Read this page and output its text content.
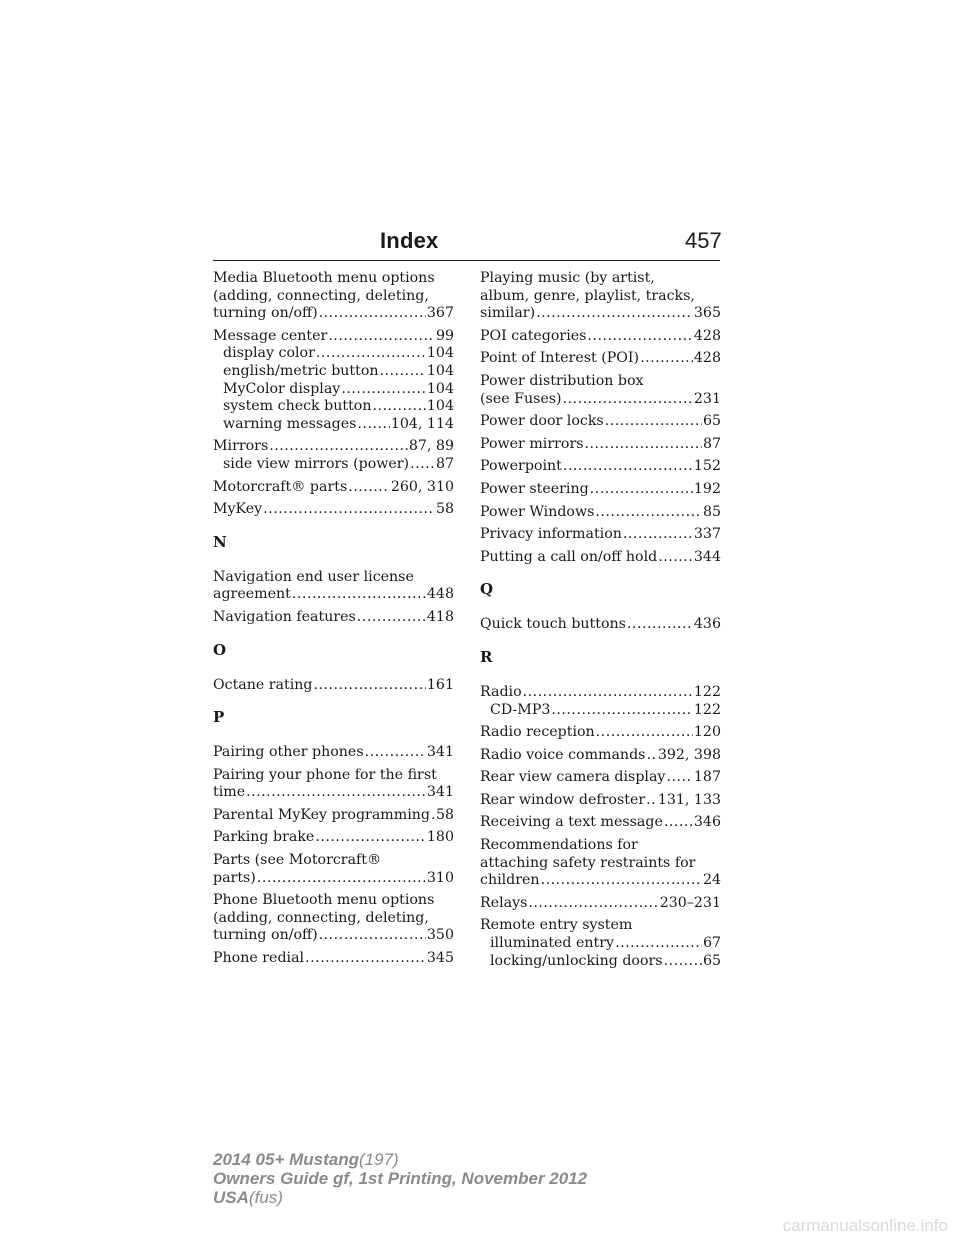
Index	457
Media Bluetooth menu options
(adding, connecting, deleting,
turning on/off) .....	367
Message center .....	99
display color .....	104
english/metric button .....	104
MyColor display .....	104
system check button .....	104
warning messages ..... 104, 114
Mirrors .....	87, 89
side view mirrors (power) ..... 87
Motorcraft® parts .....	260, 310
MyKey .....	58
N
Navigation end user license
agreement .....	448
Navigation features .....	418
O
Octane rating .....	161
P
Pairing other phones .....	341
Pairing your phone for the first
time .....	341
Parental MyKey programming ..... 58
Parking brake .....	180
Parts (see Motorcraft®
parts) .....	310
Phone Bluetooth menu options
(adding, connecting, deleting,
turning on/off) .....	350
Phone redial .....	345
Playing music (by artist,
album, genre, playlist, tracks,
similar) .....	365
POI categories .....	428
Point of Interest (POI) .....	428
Power distribution box
(see Fuses) .....	231
Power door locks .....	65
Power mirrors .....	87
Powerpoint .....	152
Power steering .....	192
Power Windows .....	85
Privacy information .....	337
Putting a call on/off hold .....	344
Q
Quick touch buttons .....	436
R
Radio .....	122
CD-MP3 .....	122
Radio reception .....	120
Radio voice commands ..... 392, 398
Rear view camera display ..... 187
Rear window defroster ..... 131, 133
Receiving a text message ..... 346
Recommendations for
attaching safety restraints for
children .....	24
Relays .....	230–231
Remote entry system
illuminated entry .....	67
locking/unlocking doors .....	65
2014 05+ Mustang(197)
Owners Guide gf, 1st Printing, November 2012
USA(fus)
carmanualsonline.info
